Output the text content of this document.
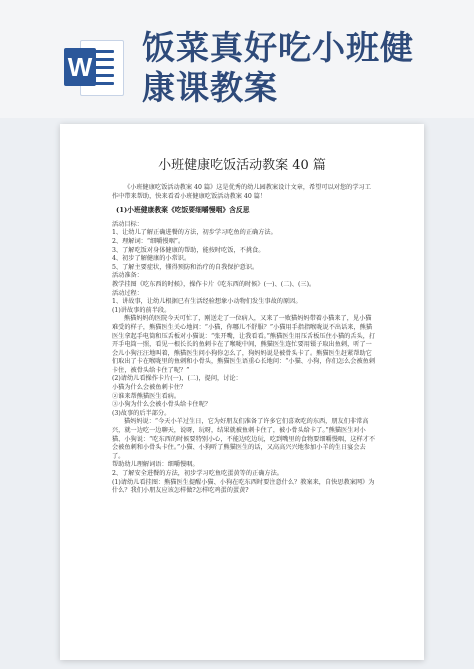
W 饭菜真好吃小班健
康课教案
小班健康吃饭活动教案 40 篇

《小班健康吃饭活动教案 40 篇》这是优秀的幼儿园教案设计文章，希望可以对您的学习工作中带来帮助，快来看看小班健康吃饭活动教案 40 篇！

(1)小班健康教案《吃饭要细嚼慢咽》含反思

活动目标：

1、让幼儿了解正确进餐的方法，初步学习吃鱼的正确方法。

2、理解词：“细嚼慢咽”。

3、了解吃饭对身体健康的帮助，能按时吃饭，不挑食。

4、初步了解健康的小常识。

5、了解主要症状，懂得预防和治疗的自我保护意识。

活动准备：

教学挂图《吃东西的时候》，操作卡片《吃东西的时候》(一)、(二)、(三)。

活动过程：

1、讲故事，让幼儿根据已有生活经验想象小动物们发生事故的原因。

(1)讲故事的前半段。

熊猫妈妈的医院今天可忙了，刚送走了一位病人，又来了一败猫妈妈带着小猫来了，见小猫难受的样子，熊猫医生关心地问：“小猫，你哪儿不舒服？”小猫用手指指喉咙说不出话来，熊猫医生拿起手电筒和压舌板对小猫说：“张开嘴，让我看看。”熊猫医生用压舌板压住小猫的舌头，打开手电筒一照，看见一根长长的鱼刺卡在了喉咙中间，熊猫医生连忙要用镊子取出鱼刺，听了一会儿小狗汪汪地叫着，熊猫医生问小狗你怎么了，狗妈妈说是被骨头卡了。熊猫医生赶紧帮助它们取出了卡在喉咙里的鱼刺和小骨头，熊猫医生语重心长地问：“小猫、小狗，你们怎么会被鱼刺卡住，被骨头给卡住了呢？”

(2)请幼儿看操作卡片(一)、(二)，提问，讨论：

小猫为什么会被鱼刺卡住？

②谁来帮熊猫医生看病。

③小狗为什么会被小骨头给卡住呢？

(3)故事的后半部分。

猫妈妈说：“今天小羊过生日，它为好朋友们准备了许多它们喜欢吃的东西，朋友们非常高兴，就一边吃一边聊天，说呀，玩呀，结果就被鱼刺卡住了，被小骨头给卡了。”熊猫医生对小猫、小狗说：“吃东西的时候要特别小心，不能边吃边玩，吃到嘴里的食物要细嚼慢咽，这样才不会被鱼刺和小骨头卡住。”小猫、小狗听了熊猫医生的话，又高高兴兴地参加小羊的生日宴会去了。

帮助幼儿理解词语：细嚼慢咽。

2、了解安全进餐的方法，初步学习吃鱼吃蛋黄等的正确方法。

(1)请幼儿看挂图：熊猫医生提醒小猫、小狗在吃东西时要注意什么？教案来，自快思教案网》为什么？我们小朋友应该怎样做?怎样吃鸡蛋的蛋黄?
